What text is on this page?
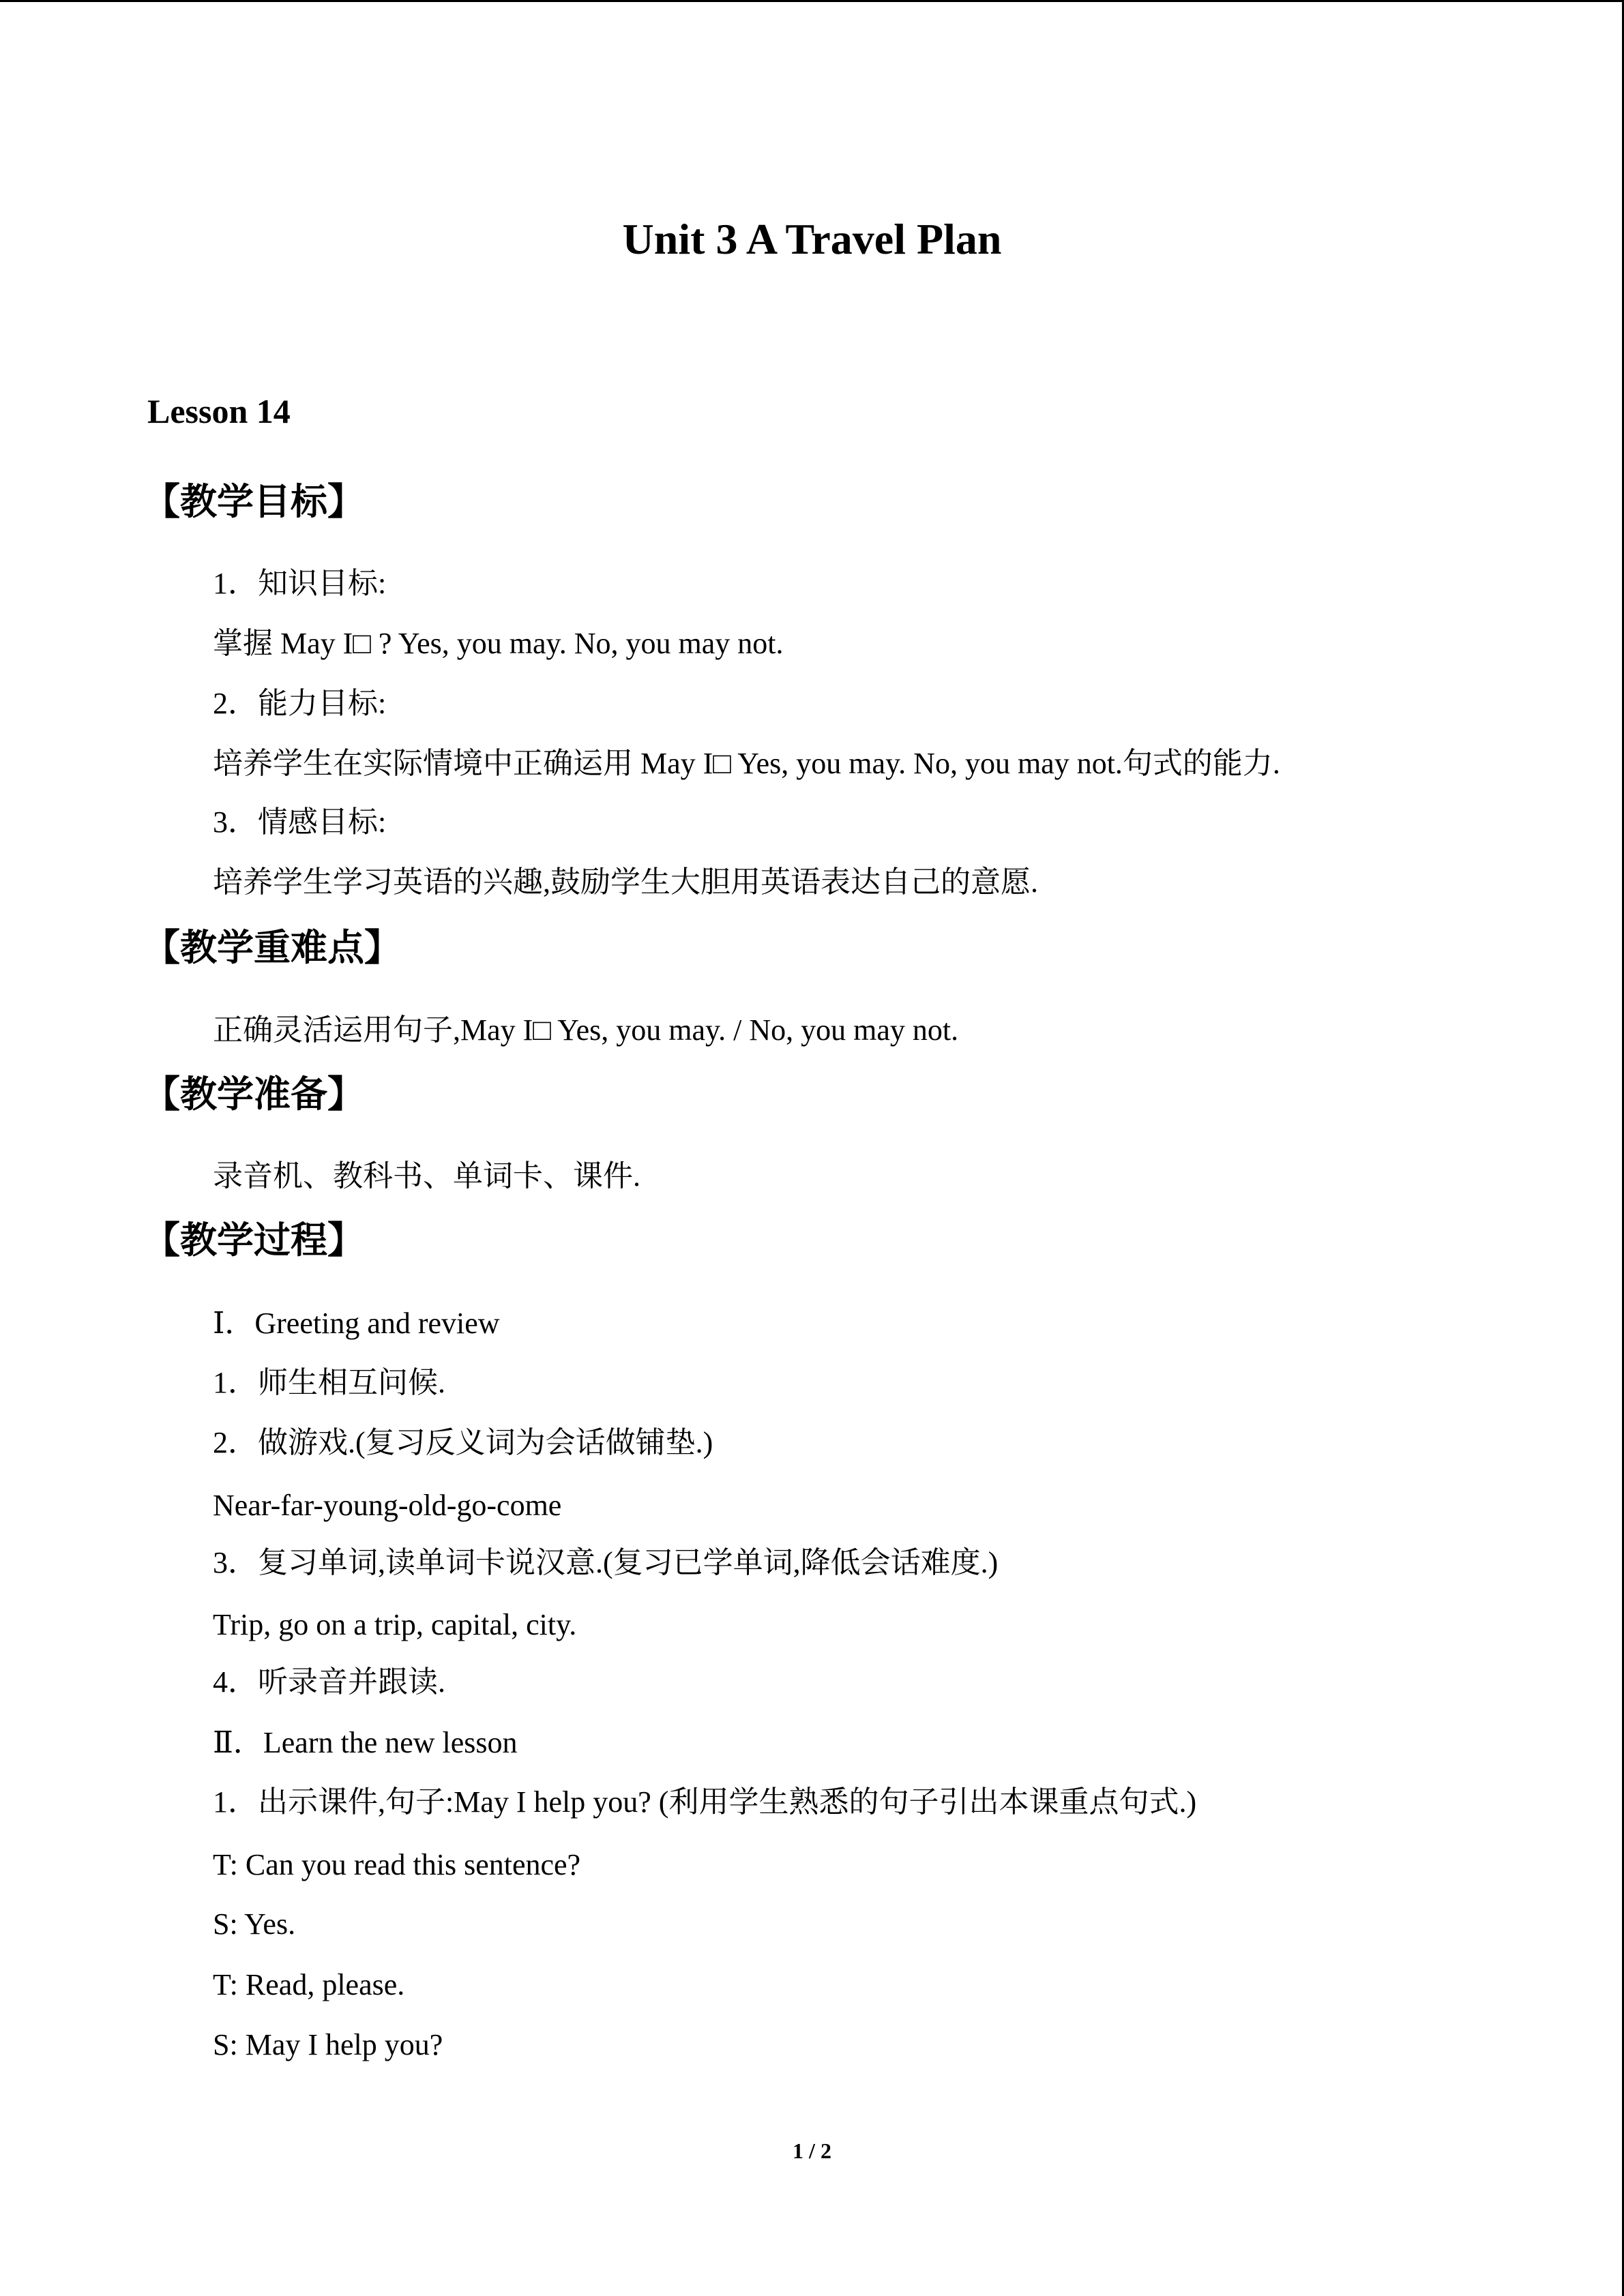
Unit 3 A Travel Plan
Lesson 14
【教学目标】
1．知识目标:
掌握 May I□ ? Yes, you may. No, you may not.
2．能力目标:
培养学生在实际情境中正确运用 May I□ Yes, you may. No, you may not.句式的能力.
3．情感目标:
培养学生学习英语的兴趣,鼓励学生大胆用英语表达自己的意愿.
【教学重难点】
正确灵活运用句子,May I□ Yes, you may. / No, you may not.
【教学准备】
录音机、教科书、单词卡、课件.
【教学过程】
Ⅰ．Greeting and review
1．师生相互问候.
2．做游戏.(复习反义词为会话做铺垫.)
Near-far-young-old-go-come
3．复习单词,读单词卡说汉意.(复习已学单词,降低会话难度.)
Trip, go on a trip, capital, city.
4．听录音并跟读.
Ⅱ．Learn the new lesson
1．出示课件,句子:May I help you? (利用学生熟悉的句子引出本课重点句式.)
T: Can you read this sentence?
S: Yes.
T: Read, please.
S: May I help you?
1 / 2
